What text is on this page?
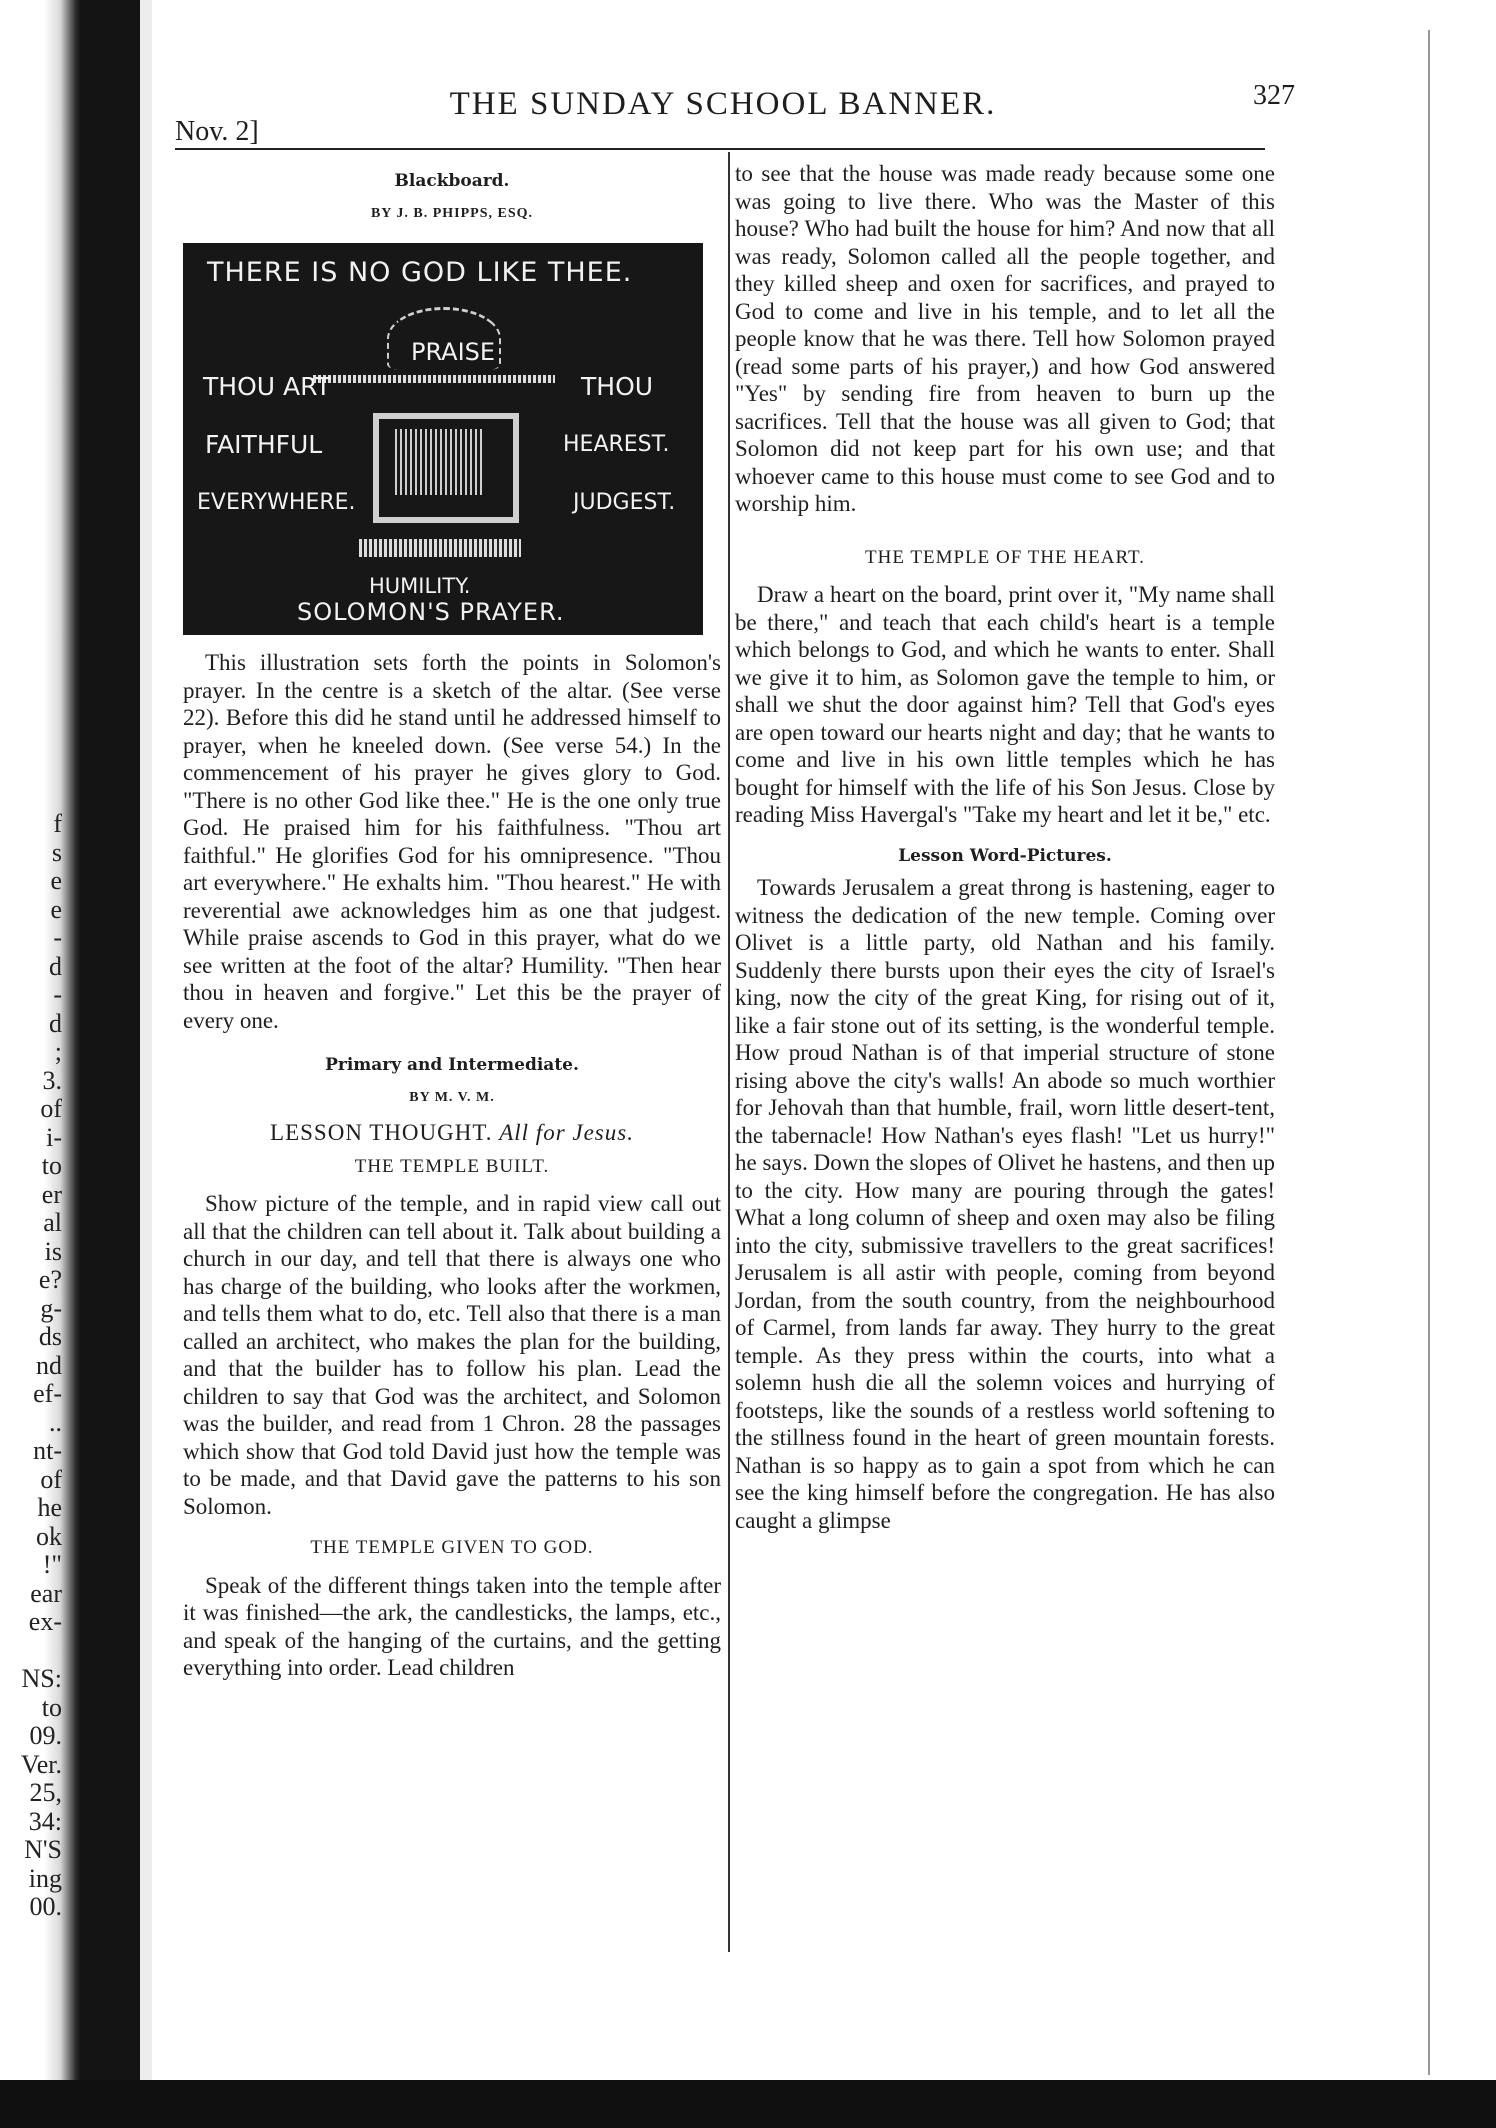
f
s
e
e
-
d
-
d
;
3.
of
i-
to
er
al
is
e?
g-
ds
nd
ef-
..
nt-
of
he
ok
!"
ear
ex-

NS:
to
09.
Ver.
25,
34:
N'S
ing
00.
Nov. 2]
THE SUNDAY SCHOOL BANNER.	327
Blackboard.
BY J. B. PHIPPS, ESQ.
THERE IS NO GOD LIKE THEE.
PRAISE
THOU ART
FAITHFUL
EVERYWHERE.
THOU
HEAREST.
JUDGEST.
HUMILITY.
SOLOMON'S PRAYER.

This illustration sets forth the points in Solomon's prayer. In the centre is a sketch of the altar. (See verse 22). Before this did he stand until he addressed himself to prayer, when he kneeled down. (See verse 54.) In the commencement of his prayer he gives glory to God. "There is no other God like thee." He is the one only true God. He praised him for his faithfulness. "Thou art faithful." He glorifies God for his omnipresence. "Thou art everywhere." He exhalts him. "Thou hearest." He with reverential awe acknowledges him as one that judgest. While praise ascends to God in this prayer, what do we see written at the foot of the altar? Humility. "Then hear thou in heaven and forgive." Let this be the prayer of every one.

Primary and Intermediate.
BY M. V. M.
LESSON THOUGHT. All for Jesus.
THE TEMPLE BUILT.

Show picture of the temple, and in rapid view call out all that the children can tell about it. Talk about building a church in our day, and tell that there is always one who has charge of the building, who looks after the workmen, and tells them what to do, etc. Tell also that there is a man called an architect, who makes the plan for the building, and that the builder has to follow his plan. Lead the children to say that God was the architect, and Solomon was the builder, and read from 1 Chron. 28 the passages which show that God told David just how the temple was to be made, and that David gave the patterns to his son Solomon.

THE TEMPLE GIVEN TO GOD.

Speak of the different things taken into the temple after it was finished—the ark, the candlesticks, the lamps, etc., and speak of the hanging of the curtains, and the getting everything into order. Lead children

to see that the house was made ready because some one was going to live there. Who was the Master of this house? Who had built the house for him? And now that all was ready, Solomon called all the people together, and they killed sheep and oxen for sacrifices, and prayed to God to come and live in his temple, and to let all the people know that he was there. Tell how Solomon prayed (read some parts of his prayer,) and how God answered "Yes" by sending fire from heaven to burn up the sacrifices. Tell that the house was all given to God; that Solomon did not keep part for his own use; and that whoever came to this house must come to see God and to worship him.

THE TEMPLE OF THE HEART.

Draw a heart on the board, print over it, "My name shall be there," and teach that each child's heart is a temple which belongs to God, and which he wants to enter. Shall we give it to him, as Solomon gave the temple to him, or shall we shut the door against him? Tell that God's eyes are open toward our hearts night and day; that he wants to come and live in his own little temples which he has bought for himself with the life of his Son Jesus. Close by reading Miss Havergal's "Take my heart and let it be," etc.

Lesson Word-Pictures.

Towards Jerusalem a great throng is hastening, eager to witness the dedication of the new temple. Coming over Olivet is a little party, old Nathan and his family. Suddenly there bursts upon their eyes the city of Israel's king, now the city of the great King, for rising out of it, like a fair stone out of its setting, is the wonderful temple. How proud Nathan is of that imperial structure of stone rising above the city's walls! An abode so much worthier for Jehovah than that humble, frail, worn little desert-tent, the tabernacle! How Nathan's eyes flash! "Let us hurry!" he says. Down the slopes of Olivet he hastens, and then up to the city. How many are pouring through the gates! What a long column of sheep and oxen may also be filing into the city, submissive travellers to the great sacrifices! Jerusalem is all astir with people, coming from beyond Jordan, from the south country, from the neighbourhood of Carmel, from lands far away. They hurry to the great temple. As they press within the courts, into what a solemn hush die all the solemn voices and hurrying of footsteps, like the sounds of a restless world softening to the stillness found in the heart of green mountain forests. Nathan is so happy as to gain a spot from which he can see the king himself before the congregation. He has also caught a glimpse
